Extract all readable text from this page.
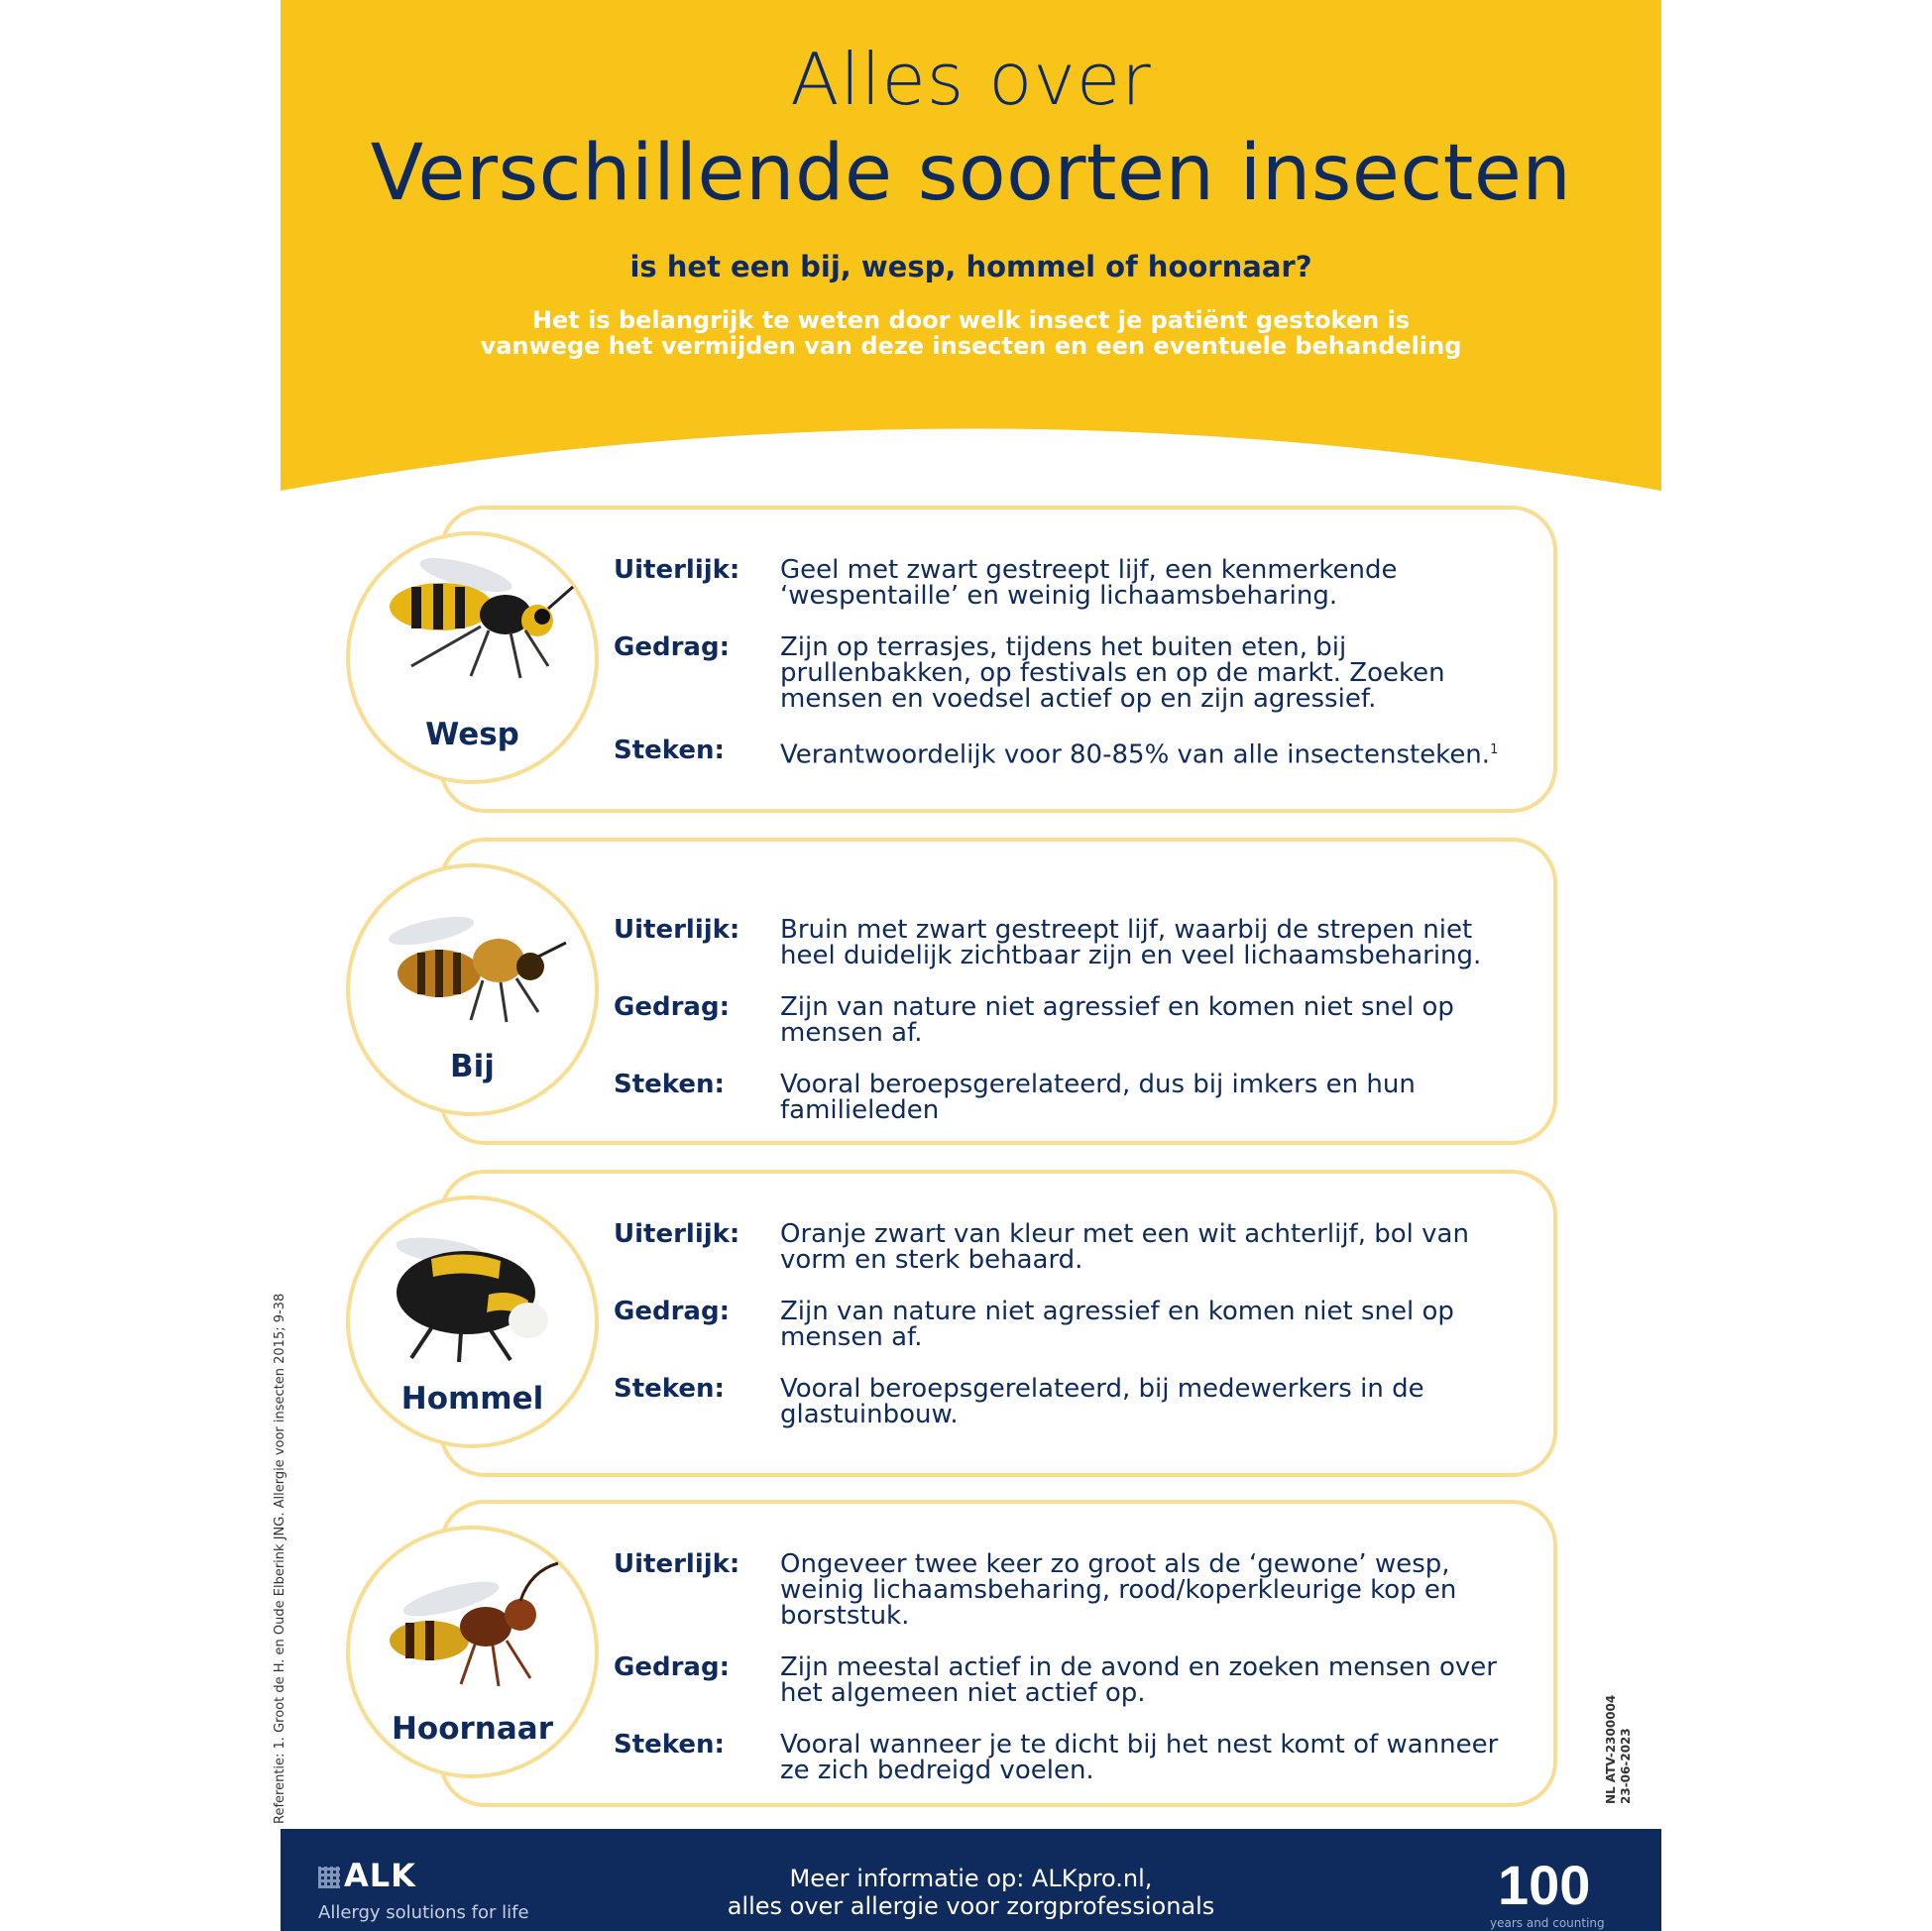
Alles over
Verschillende soorten insecten
is het een bij, wesp, hommel of hoornaar?
Het is belangrijk te weten door welk insect je patiënt gestoken is
vanwege het vermijden van deze insecten en een eventuele behandeling
Wesp
Uiterlijk:	Geel met zwart gestreept lijf, een kenmerkende ‘wespentaille’ en weinig lichaamsbeharing.
Gedrag:	Zijn op terrasjes, tijdens het buiten eten, bij prullenbakken, op festivals en op de markt. Zoeken mensen en voedsel actief op en zijn agressief.
Steken:	Verantwoordelijk voor 80-85% van alle insectensteken.$^1$
Bij
Uiterlijk:	Bruin met zwart gestreept lijf, waarbij de strepen niet heel duidelijk zichtbaar zijn en veel lichaamsbeharing.
Gedrag:	Zijn van nature niet agressief en komen niet snel op mensen af.
Steken:	Vooral beroepsgerelateerd, dus bij imkers en hun familieleden
Hommel
Uiterlijk:	Oranje zwart van kleur met een wit achterlijf, bol van vorm en sterk behaard.
Gedrag:	Zijn van nature niet agressief en komen niet snel op mensen af.
Steken:	Vooral beroepsgerelateerd, bij medewerkers in de glastuinbouw.
Hoornaar
Uiterlijk:	Ongeveer twee keer zo groot als de ‘gewone’ wesp, weinig lichaamsbeharing, rood/koperkleurige kop en borststuk.
Gedrag:	Zijn meestal actief in de avond en zoeken mensen over het algemeen niet actief op.
Steken:	Vooral wanneer je te dicht bij het nest komt of wanneer ze zich bedreigd voelen.
Referentie: 1. Groot de H. en Oude Elberink JNG. Allergie voor insecten 2015; 9-38	NL ATV-2300004 23-06-2023
ALK
Allergy solutions for life
Meer informatie op: ALKpro.nl,
alles over allergie voor zorgprofessionals	100
years and counting
